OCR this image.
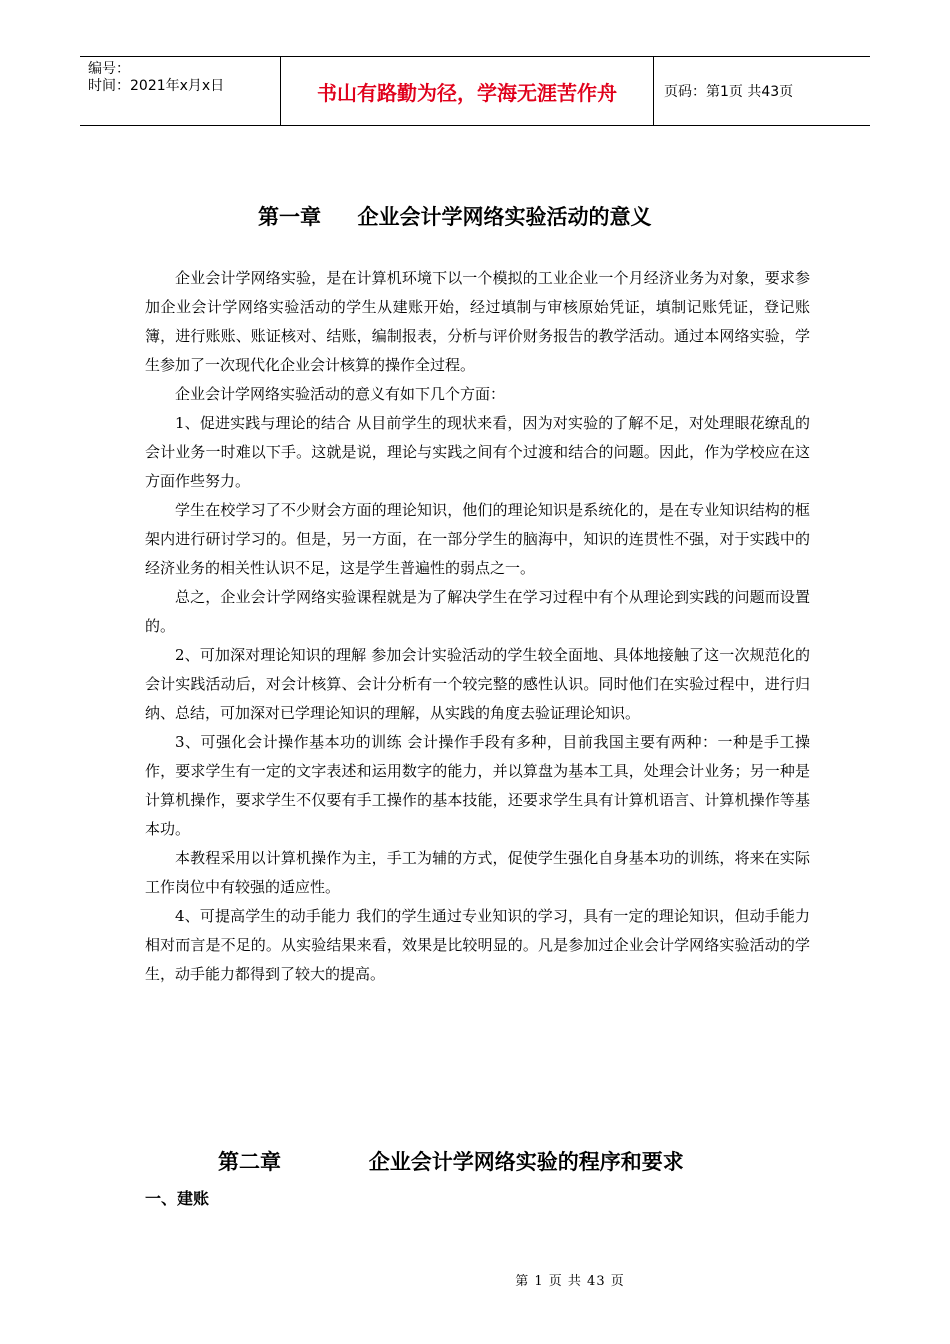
编号：
时间：2021年x月x日	书山有路勤为径，学海无涯苦作舟	页码：第1页 共43页
第一章     企业会计学网络实验活动的意义

企业会计学网络实验，是在计算机环境下以一个模拟的工业企业一个月经济业务为对象，要求参加企业会计学网络实验活动的学生从建账开始，经过填制与审核原始凭证，填制记账凭证，登记账簿，进行账账、账证核对、结账，编制报表，分析与评价财务报告的教学活动。通过本网络实验，学生参加了一次现代化企业会计核算的操作全过程。

企业会计学网络实验活动的意义有如下几个方面：

1、促进实践与理论的结合 从目前学生的现状来看，因为对实验的了解不足，对处理眼花缭乱的会计业务一时难以下手。这就是说，理论与实践之间有个过渡和结合的问题。因此，作为学校应在这方面作些努力。

学生在校学习了不少财会方面的理论知识，他们的理论知识是系统化的，是在专业知识结构的框架内进行研讨学习的。但是，另一方面，在一部分学生的脑海中，知识的连贯性不强，对于实践中的经济业务的相关性认识不足，这是学生普遍性的弱点之一。

总之，企业会计学网络实验课程就是为了解决学生在学习过程中有个从理论到实践的问题而设置的。

2、可加深对理论知识的理解 参加会计实验活动的学生较全面地、具体地接触了这一次规范化的会计实践活动后，对会计核算、会计分析有一个较完整的感性认识。同时他们在实验过程中，进行归纳、总结，可加深对已学理论知识的理解，从实践的角度去验证理论知识。

3、可强化会计操作基本功的训练 会计操作手段有多种，目前我国主要有两种：一种是手工操作，要求学生有一定的文字表述和运用数字的能力，并以算盘为基本工具，处理会计业务；另一种是计算机操作，要求学生不仅要有手工操作的基本技能，还要求学生具有计算机语言、计算机操作等基本功。

本教程采用以计算机操作为主，手工为辅的方式，促使学生强化自身基本功的训练，将来在实际工作岗位中有较强的适应性。

4、可提高学生的动手能力 我们的学生通过专业知识的学习，具有一定的理论知识，但动手能力相对而言是不足的。从实验结果来看，效果是比较明显的。凡是参加过企业会计学网络实验活动的学生，动手能力都得到了较大的提高。

第二章            企业会计学网络实验的程序和要求
一、建账
第 1 页 共 43 页
